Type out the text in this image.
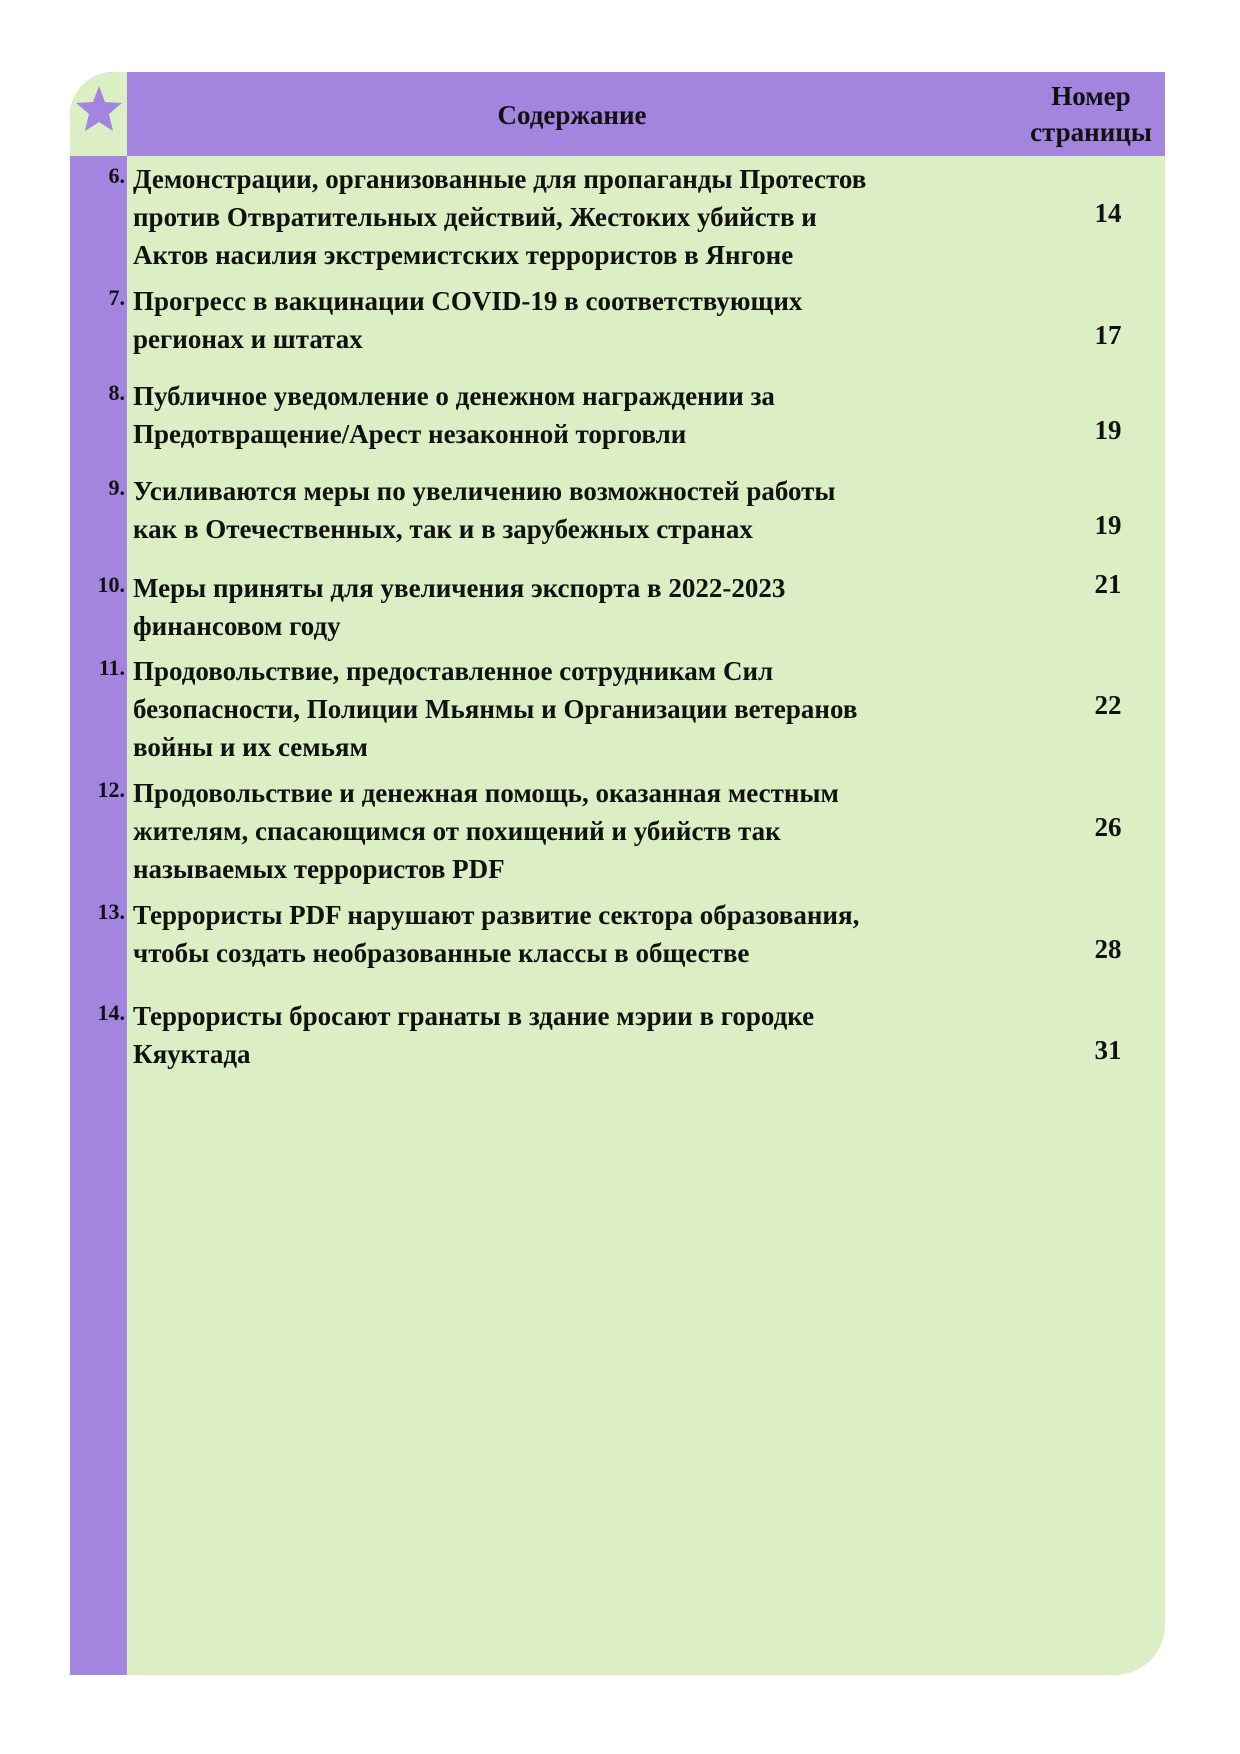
Содержание
Номер
страницы
6. Демонстрации, организованные для пропаганды Протестов
против Отвратительных действий, Жестоких убийств и
Актов насилия экстремистских террористов в Янгоне
14
7. Прогресс в вакцинации COVID-19 в соответствующих
регионах и штатах	17
8. Публичное уведомление о денежном награждении за
Предотвращение/Арест незаконной торговли	19
9. Усиливаются меры по увеличению возможностей работы
как в Отечественных, так и в зарубежных странах	19
10. Меры приняты для увеличения экспорта в 2022-2023
финансовом году
21
11. Продовольствие, предоставленное сотрудникам Сил
безопасности, Полиции Мьянмы и Организации ветеранов
войны и их семьям
22
12. Продовольствие и денежная помощь, оказанная местным
жителям, спасающимся от похищений и убийств так
называемых террористов PDF
26
13. Террористы PDF нарушают развитие сектора образования,
чтобы создать необразованные классы в обществе	28
14. Террористы бросают гранаты в здание мэрии в городке
Кяуктада	31
